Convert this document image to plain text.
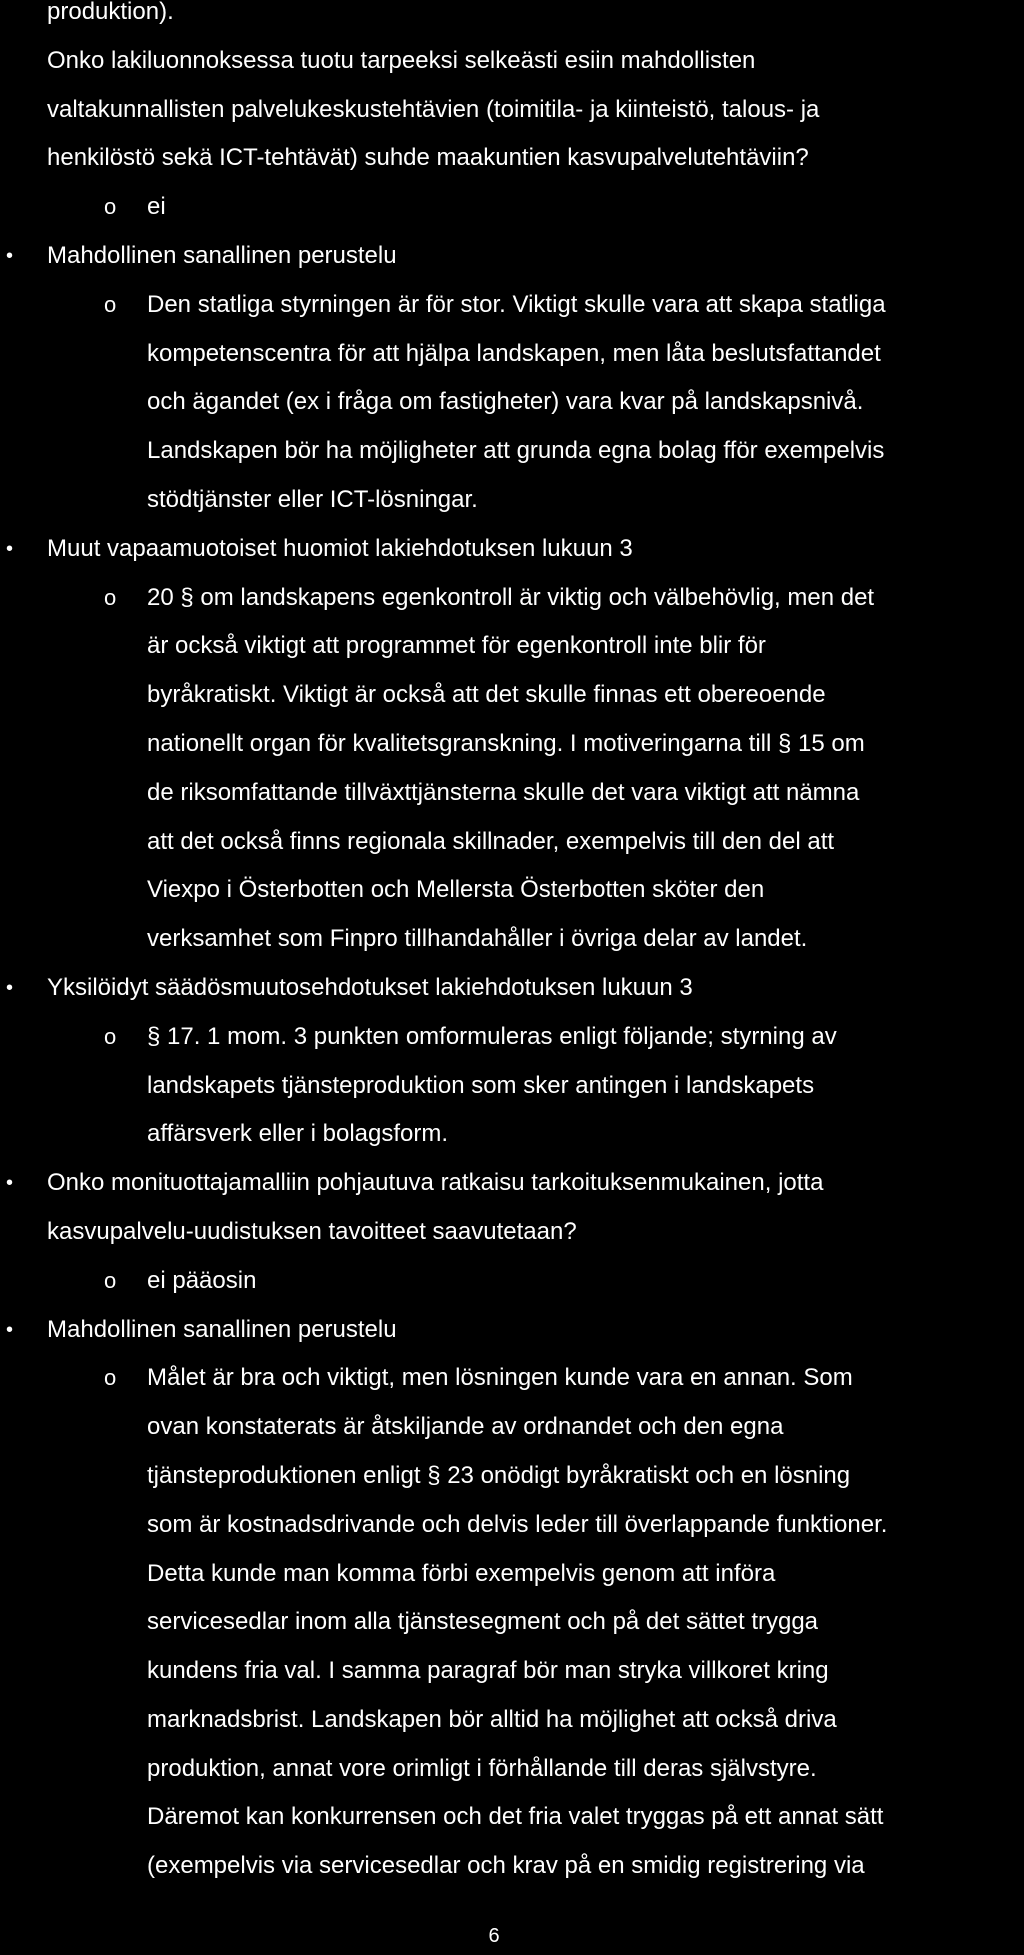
produktion).
Onko lakiluonnoksessa tuotu tarpeeksi selkeästi esiin mahdollisten
valtakunnallisten palvelukeskustehtävien (toimitila- ja kiinteistö, talous- ja
henkilöstö sekä ICT-tehtävät) suhde maakuntien kasvupalvelutehtäviin?
o ei
• Mahdollinen sanallinen perustelu
o Den statliga styrningen är för stor. Viktigt skulle vara att skapa statliga
kompetenscentra för att hjälpa landskapen, men låta beslutsfattandet
och ägandet (ex i fråga om fastigheter) vara kvar på landskapsnivå.
Landskapen bör ha möjligheter att grunda egna bolag fför exempelvis
stödtjänster eller ICT-lösningar.
• Muut vapaamuotoiset huomiot lakiehdotuksen lukuun 3
o 20 § om landskapens egenkontroll är viktig och välbehövlig, men det
är också viktigt att programmet för egenkontroll inte blir för
byråkratiskt. Viktigt är också att det skulle finnas ett obereoende
nationellt organ för kvalitetsgranskning. I motiveringarna till § 15 om
de riksomfattande tillväxttjänsterna skulle det vara viktigt att nämna
att det också finns regionala skillnader, exempelvis till den del att
Viexpo i Österbotten och Mellersta Österbotten sköter den
verksamhet som Finpro tillhandahåller i övriga delar av landet.
• Yksilöidyt säädösmuutosehdotukset lakiehdotuksen lukuun 3
o § 17. 1 mom. 3 punkten omformuleras enligt följande; styrning av
landskapets tjänsteproduktion som sker antingen i landskapets
affärsverk eller i bolagsform.
• Onko monituottajamalliin pohjautuva ratkaisu tarkoituksenmukainen, jotta
kasvupalvelu-uudistuksen tavoitteet saavutetaan?
o ei pääosin
• Mahdollinen sanallinen perustelu
o Målet är bra och viktigt, men lösningen kunde vara en annan. Som
ovan konstaterats är åtskiljande av ordnandet och den egna
tjänsteproduktionen enligt § 23 onödigt byråkratiskt och en lösning
som är kostnadsdrivande och delvis leder till överlappande funktioner.
Detta kunde man komma förbi exempelvis genom att införa
servicesedlar inom alla tjänstesegment och på det sättet trygga
kundens fria val. I samma paragraf bör man stryka villkoret kring
marknadsbrist. Landskapen bör alltid ha möjlighet att också driva
produktion, annat vore orimligt i förhållande till deras självstyre.
Däremot kan konkurrensen och det fria valet tryggas på ett annat sätt
(exempelvis via servicesedlar och krav på en smidig registrering via
6
